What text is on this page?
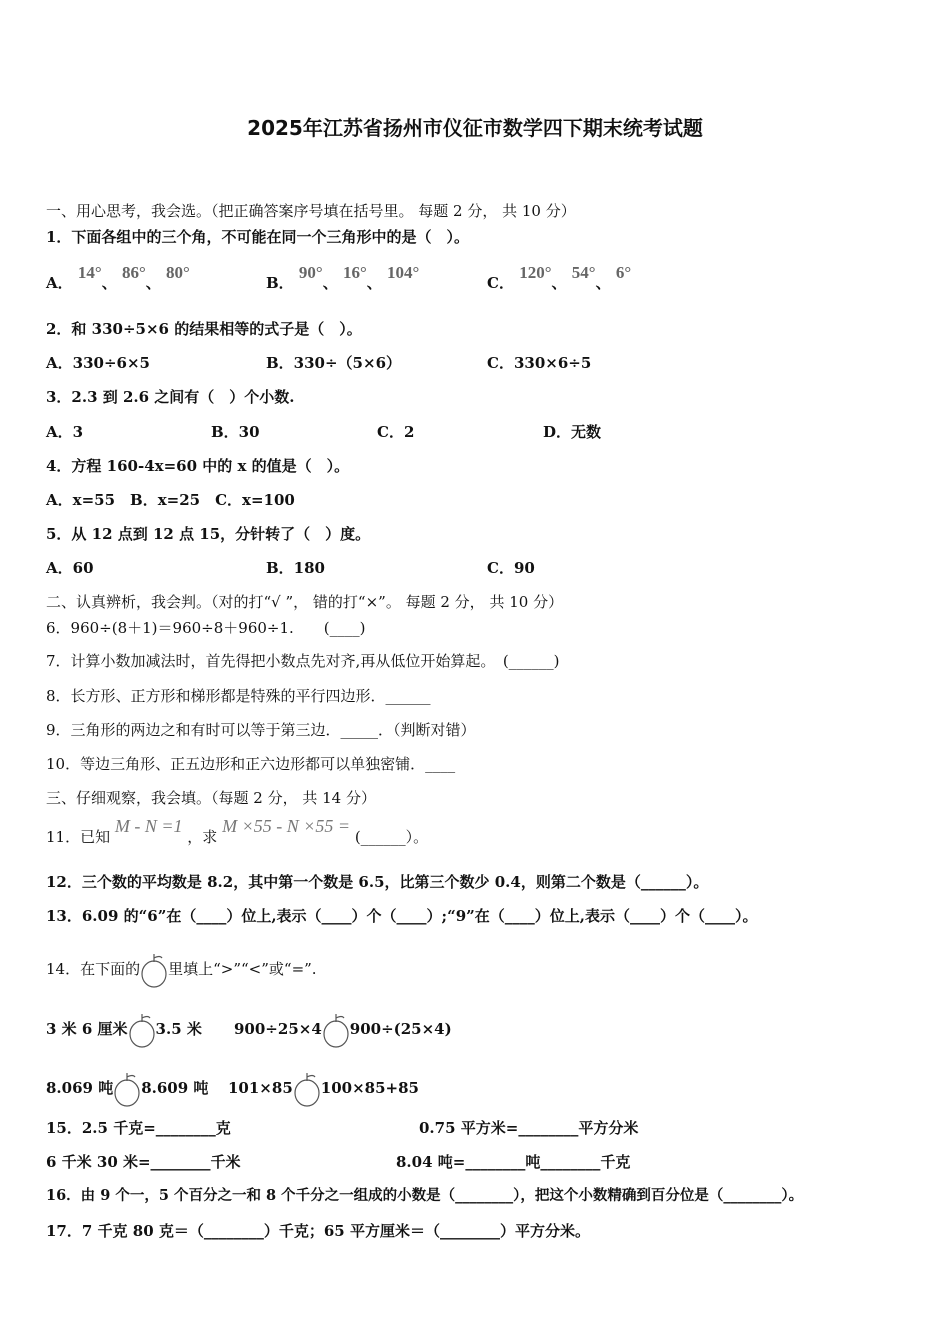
2025年江苏省扬州市仪征市数学四下期末统考试题
一、用心思考，我会选。（把正确答案序号填在括号里。 每题 2 分， 共 10 分）
1．下面各组中的三个角，不可能在同一个三角形中的是（　）。
A． 14°、 86°、 80°
B． 90°、 16°、 104°
C． 120°、 54°、 6°
2．和 330÷5×6 的结果相等的式子是（　）。
A．330÷6×5	B．330÷（5×6）	C．330×6÷5
3．2.3 到 2.6 之间有（　）个小数.
A．3	B．30	C．2	D．无数
4．方程 160-4x=60 中的 x 的值是（　）。
A．x=55　B．x=25　C．x=100
5．从 12 点到 12 点 15，分针转了（　）度。
A．60	B．180	C．90
二、认真辨析，我会判。（对的打“√ ”， 错的打“×”。 每题 2 分， 共 10 分）
6．960÷(8＋1)＝960÷8＋960÷1.　　(____)
7．计算小数加减法时，首先得把小数点先对齐,再从低位开始算起。　(______)
8．长方形、正方形和梯形都是特殊的平行四边形．______
9．三角形的两边之和有时可以等于第三边．_____．（判断对错）
10．等边三角形、正五边形和正六边形都可以单独密铺．____
三、仔细观察，我会填。（每题 2 分， 共 14 分）
11．已知 M - N =1 ，求 M ×55 - N ×55 = (______）。
12．三个数的平均数是 8.2，其中第一个数是 6.5，比第三个数少 0.4，则第二个数是（______）。
13．6.09 的“6”在（____）位上,表示（____）个（____）;“9”在（____）位上,表示（____）个（____）。
14．在下面的 里填上“>”“<”或“=”.
3 米 6 厘米 3.5 米 900÷25×4 900÷(25×4)
8.069 吨 8.609 吨 101×85 100×85+85
15．2.5 千克=________克	0.75 平方米=________平方分米
6 千米 30 米=________千米	8.04 吨=________吨________千克
16．由 9 个一，5 个百分之一和 8 个千分之一组成的小数是（________），把这个小数精确到百分位是（________）。
17．7 千克 80 克＝（________）千克；65 平方厘米＝（________）平方分米。
